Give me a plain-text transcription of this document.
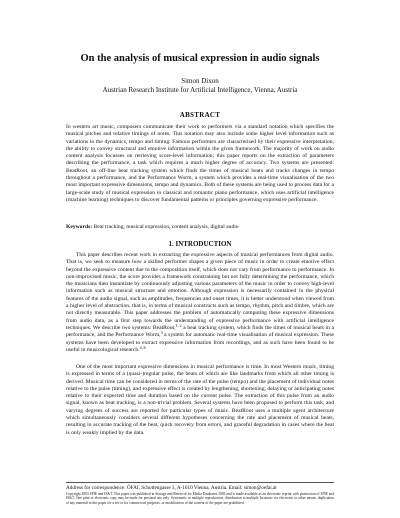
On the analysis of musical expression in audio signals
Simon Dixon
Austrian Research Institute for Artificial Intelligence, Vienna, Austria
ABSTRACT

In western art music, composers communicate their work to performers via a standard notation which specifies the musical pitches and relative timings of notes. This notation may also include some higher level information such as variations in the dynamics, tempo and timing. Famous performers are characterised by their expressive interpretation, the ability to convey structural and emotive information within the given framework. The majority of work on audio content analysis focusses on retrieving score-level information; this paper reports on the extraction of parameters describing the performance, a task which requires a much higher degree of accuracy. Two systems are presented: BeatRoot, an off-line beat tracking system which finds the times of musical beats and tracks changes in tempo throughout a performance, and the Performance Worm, a system which provides a real-time visualisation of the two most important expressive dimensions, tempo and dynamics. Both of these systems are being used to process data for a large-scale study of musical expression in classical and romantic piano performance, which uses artificial intelligence (machine learning) techniques to discover fundamental patterns or principles governing expressive performance.

Keywords: Beat tracking, musical expression, content analysis, digital audio

1. INTRODUCTION

This paper describes recent work in extracting the expressive aspects of musical performances from digital audio. That is, we seek to measure how a skilled performer shapes a given piece of music in order to create emotive effect beyond the expressive content due to the composition itself, which does not vary from performance to performance. In non-improvised music, the score provides a framework constraining but not fully determining the performance, which the musicians then instantiate by continuously adjusting various parameters of the music in order to convey high-level information such as musical structure and emotion. Although expression is necessarily contained in the physical features of the audio signal, such as amplitudes, frequencies and onset times, it is better understood when viewed from a higher level of abstraction, that is, in terms of musical constructs such as tempo, rhythm, pitch and timbre, which are not directly measurable. This paper addresses the problem of automatically computing these expressive dimensions from audio data, as a first step towards the understanding of expressive performance with artificial intelligence techniques. We describe two systems: BeatRoot,$^{1, 2}$ a beat tracking system, which finds the times of musical beats in a performance, and the Performance Worm,$^3$ a system for automatic real-time visualisation of musical expression. These systems have been developed to extract expressive information from recordings, and as such have been found to be useful in musicological research.$^{4-6}$

One of the most important expressive dimensions in musical performance is time. In most Western music, timing is expressed in terms of a (quasi-)regular pulse, the beats of which are like landmarks from which all other timing is derived. Musical time can be considered in terms of the rate of the pulse (tempo) and the placement of individual notes relative to the pulse (timing), and expressive effect is created by lengthening, shortening, delaying or anticipating notes relative to their expected time and duration based on the current pulse. The extraction of this pulse from an audio signal, known as beat tracking, is a non-trivial problem. Several systems have been proposed to perform this task, and varying degrees of success are reported for particular types of music. BeatRoot uses a multiple agent architecture which simultaneously considers several different hypotheses concerning the rate and placement of musical beats, resulting in accurate tracking of the beat, quick recovery from errors, and graceful degradation in cases where the beat is only weakly implied by the data.

Address for correspondence: ÖFAI, Schottengasse 3, A-1010 Vienna, Austria. Email: simon@oefai.at

Copyright 2003 SPIE and IS&T. This paper was published in Storage and Retrieval for Media Databases 2003 and is made available as an electronic reprint with permission of SPIE and IS&T. One print or electronic copy may be made for personal use only. Systematic or multiple reproduction, distribution to multiple locations via electronic or other means, duplication of any material in this paper for a fee or for commercial purposes, or modification of the content of the paper are prohibited.
